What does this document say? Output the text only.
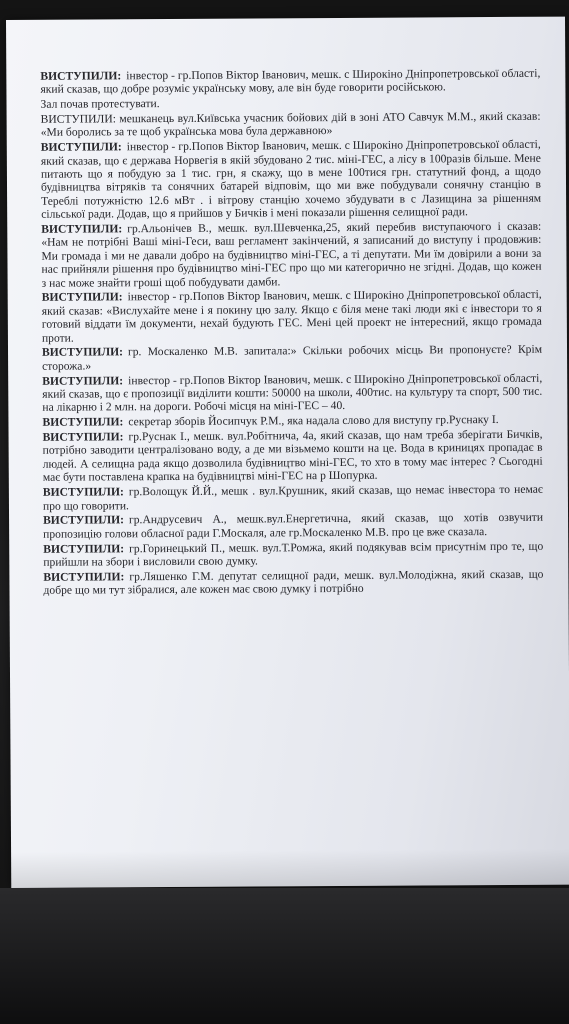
ВИСТУПИЛИ: інвестор - гр.Попов Віктор Іванович, мешк. с Широкіно Дніпропетровської області, який сказав, що добре розуміє українську мову, але він буде говорити російською.

Зал почав протестувати.

ВИСТУПИЛИ: мешканець вул.Київська учасник бойових дій в зоні АТО Савчук М.М., який сказав: «Ми боролись за те щоб українська мова була державною»

ВИСТУПИЛИ: інвестор - гр.Попов Віктор Іванович, мешк. с Широкіно Дніпропетровської області, який сказав, що є держава Норвегія в якій збудовано 2 тис. міні-ГЕС, а лісу в 100разів більше. Мене питають що я побудую за 1 тис. грн, я скажу, що в мене 100тися грн. статутний фонд, а щодо будівництва вітряків та сонячних батарей відповім, що ми вже побудували сонячну станцію в Тереблі потужністю 12.6 мВт . і вітрову станцію хочемо збудувати в с Лазищина за рішенням сільської ради. Додав, що я прийшов у Бичків і мені показали рішення селищної ради.

ВИСТУПИЛИ: гр.Альонічев В., мешк. вул.Шевченка,25, який перебив виступаючого і сказав: «Нам не потрібні Ваші міні-Геси, ваш регламент закінчений, я записаний до виступу і продовжив: Ми громада і ми не давали добро на будівництво міні-ГЕС, а ті депутати. Ми їм довірили а вони за нас прийняли рішення про будівництво міні-ГЕС про що ми категорично не згідні. Додав, що кожен з нас може знайти гроші щоб побудувати дамби.

ВИСТУПИЛИ: інвестор - гр.Попов Віктор Іванович, мешк. с Широкіно Дніпропетровської області, який сказав: «Вислухайте мене і я покину цю залу. Якщо є біля мене такі люди які є інвестори то я готовий віддати їм документи, нехай будують ГЕС. Мені цей проект не інтересний, якщо громада проти.

ВИСТУПИЛИ: гр. Москаленко М.В. запитала:» Скільки робочих місць Ви пропонуєте? Крім сторожа.»

ВИСТУПИЛИ: інвестор - гр.Попов Віктор Іванович, мешк. с Широкіно Дніпропетровської області, який сказав, що є пропозиції виділити кошти: 50000 на школи, 400тис. на культуру та спорт, 500 тис. на лікарню і 2 млн. на дороги. Робочі місця на міні-ГЕС – 40.

ВИСТУПИЛИ: секретар зборів Йосипчук Р.М., яка надала слово для виступу гр.Руснаку І.

ВИСТУПИЛИ: гр.Руснак І., мешк. вул.Робітнича, 4а, який сказав, що нам треба зберігати Бичків, потрібно заводити централізовано воду, а де ми візьмемо кошти на це. Вода в криницях пропадає в людей. А селищна рада якщо дозволила будівництво міні-ГЕС, то хто в тому має інтерес ? Сьогодні має бути поставлена крапка на будівництві міні-ГЕС на р Шопурка.

ВИСТУПИЛИ: гр.Волощук Й.Й., мешк . вул.Крушник, який сказав, що немає інвестора то немає про що говорити.

ВИСТУПИЛИ: гр.Андрусевич А., мешк.вул.Енергетична, який сказав, що хотів озвучити пропозицію голови обласної ради Г.Москаля, але гр.Москаленко М.В. про це вже сказала.

ВИСТУПИЛИ: гр.Горинецький П., мешк. вул.Т.Ромжа, який подякував всім присутнім про те, що прийшли на збори і висловили свою думку.

ВИСТУПИЛИ: гр.Ляшенко Г.М. депутат селищної ради, мешк. вул.Молодіжна, який сказав, що добре що ми тут зібралися, але кожен має свою думку і потрібно
